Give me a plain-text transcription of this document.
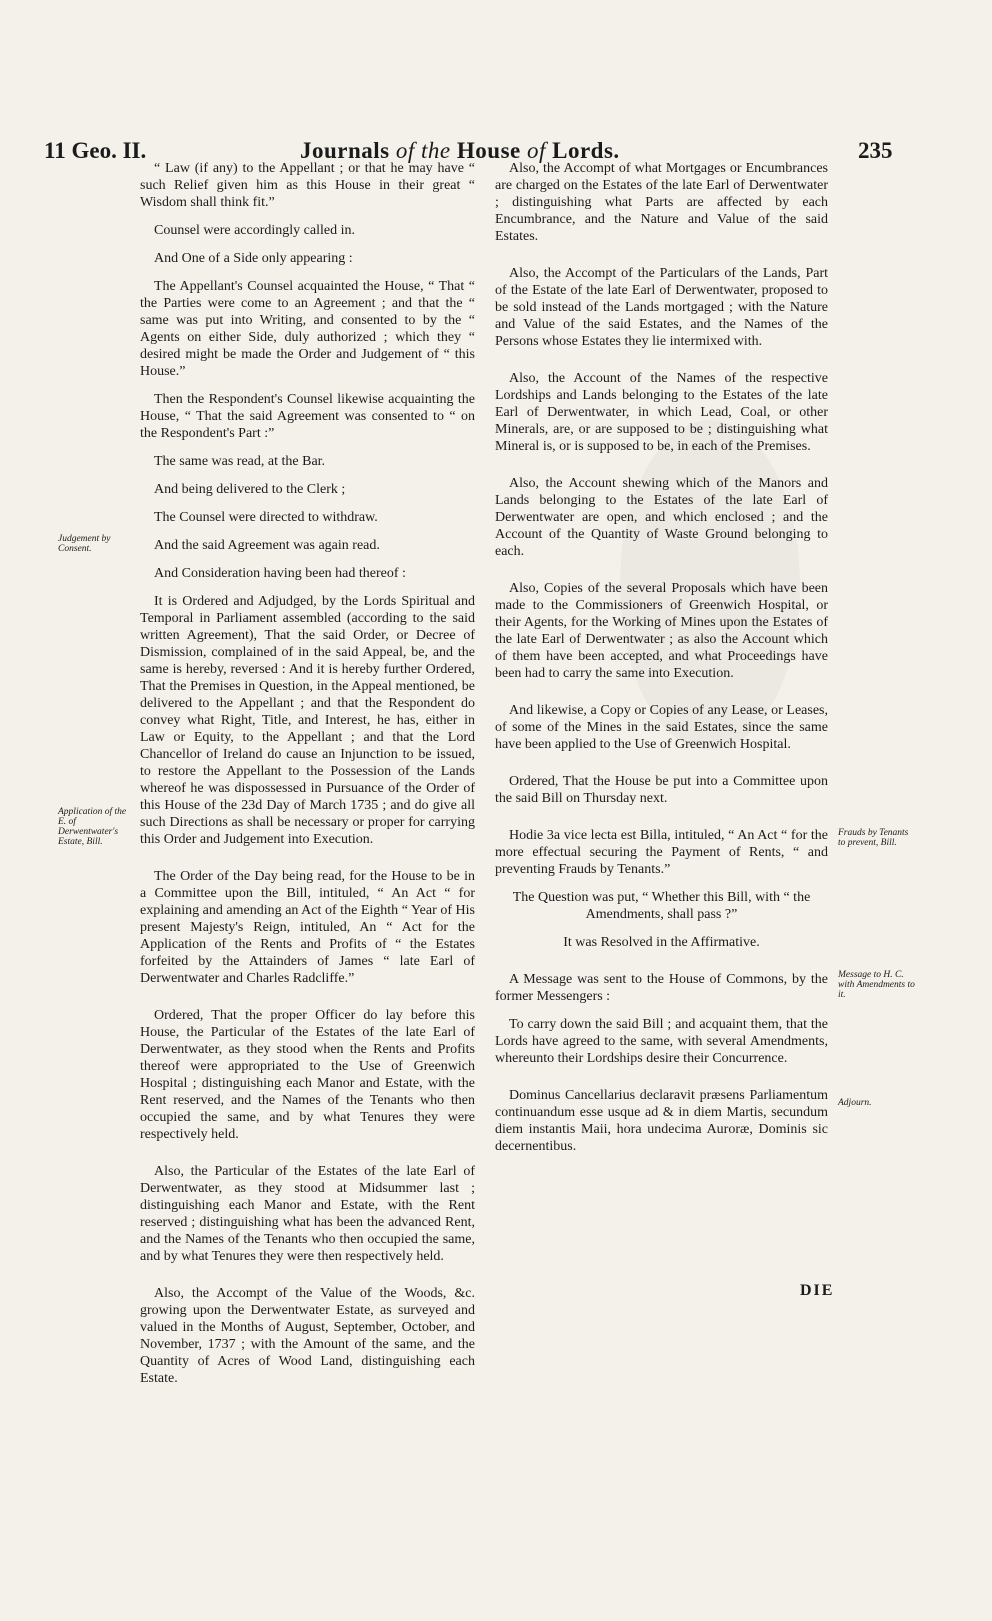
11 Geo. II.	Journals of the House of Lords.	235

“ Law (if any) to the Appellant ; or that he may have “ such Relief given him as this House in their great “ Wisdom shall think fit.”

Counsel were accordingly called in.

And One of a Side only appearing :

The Appellant's Counsel acquainted the House, “ That “ the Parties were come to an Agreement ; and that the “ same was put into Writing, and consented to by the “ Agents on either Side, duly authorized ; which they “ desired might be made the Order and Judgement of “ this House.”

Then the Respondent's Counsel likewise acquainting the House, “ That the said Agreement was consented to “ on the Respondent's Part :”

The same was read, at the Bar.

And being delivered to the Clerk ;

The Counsel were directed to withdraw.

And the said Agreement was again read.

And Consideration having been had thereof :

It is Ordered and Adjudged, by the Lords Spiritual and Temporal in Parliament assembled (according to the said written Agreement), That the said Order, or Decree of Dismission, complained of in the said Appeal, be, and the same is hereby, reversed : And it is hereby further Ordered, That the Premises in Question, in the Appeal mentioned, be delivered to the Appellant ; and that the Respondent do convey what Right, Title, and Interest, he has, either in Law or Equity, to the Appellant ; and that the Lord Chancellor of Ireland do cause an Injunction to be issued, to restore the Appellant to the Possession of the Lands whereof he was dispossessed in Pursuance of the Order of this House of the 23d Day of March 1735 ; and do give all such Directions as shall be necessary or proper for carrying this Order and Judgement into Execution.

The Order of the Day being read, for the House to be in a Committee upon the Bill, intituled, “ An Act “ for explaining and amending an Act of the Eighth “ Year of His present Majesty's Reign, intituled, An “ Act for the Application of the Rents and Profits of “ the Estates forfeited by the Attainders of James “ late Earl of Derwentwater and Charles Radcliffe.”

Ordered, That the proper Officer do lay before this House, the Particular of the Estates of the late Earl of Derwentwater, as they stood when the Rents and Profits thereof were appropriated to the Use of Greenwich Hospital ; distinguishing each Manor and Estate, with the Rent reserved, and the Names of the Tenants who then occupied the same, and by what Tenures they were respectively held.

Also, the Particular of the Estates of the late Earl of Derwentwater, as they stood at Midsummer last ; distinguishing each Manor and Estate, with the Rent reserved ; distinguishing what has been the advanced Rent, and the Names of the Tenants who then occupied the same, and by what Tenures they were then respectively held.

Also, the Accompt of the Value of the Woods, &c. growing upon the Derwentwater Estate, as surveyed and valued in the Months of August, September, October, and November, 1737 ; with the Amount of the same, and the Quantity of Acres of Wood Land, distinguishing each Estate.

Also, the Accompt of what Mortgages or Encumbrances are charged on the Estates of the late Earl of Derwentwater ; distinguishing what Parts are affected by each Encumbrance, and the Nature and Value of the said Estates.

Also, the Accompt of the Particulars of the Lands, Part of the Estate of the late Earl of Derwentwater, proposed to be sold instead of the Lands mortgaged ; with the Nature and Value of the said Estates, and the Names of the Persons whose Estates they lie intermixed with.

Also, the Account of the Names of the respective Lordships and Lands belonging to the Estates of the late Earl of Derwentwater, in which Lead, Coal, or other Minerals, are, or are supposed to be ; distinguishing what Mineral is, or is supposed to be, in each of the Premises.

Also, the Account shewing which of the Manors and Lands belonging to the Estates of the late Earl of Derwentwater are open, and which enclosed ; and the Account of the Quantity of Waste Ground belonging to each.

Also, Copies of the several Proposals which have been made to the Commissioners of Greenwich Hospital, or their Agents, for the Working of Mines upon the Estates of the late Earl of Derwentwater ; as also the Account which of them have been accepted, and what Proceedings have been had to carry the same into Execution.

And likewise, a Copy or Copies of any Lease, or Leases, of some of the Mines in the said Estates, since the same have been applied to the Use of Greenwich Hospital.

Ordered, That the House be put into a Committee upon the said Bill on Thursday next.

Hodie 3a vice lecta est Billa, intituled, “ An Act “ for the more effectual securing the Payment of Rents, “ and preventing Frauds by Tenants.”

The Question was put, “ Whether this Bill, with “ the Amendments, shall pass ?”

It was Resolved in the Affirmative.

A Message was sent to the House of Commons, by the former Messengers :

To carry down the said Bill ; and acquaint them, that the Lords have agreed to the same, with several Amendments, whereunto their Lordships desire their Concurrence.

Dominus Cancellarius declaravit præsens Parliamentum continuandum esse usque ad & in diem Martis, secundum diem instantis Maii, hora undecima Auroræ, Dominis sic decernentibus.

Judgement by Consent.
Application of the E. of Derwentwater's Estate, Bill.
Frauds by Tenants to prevent, Bill.
Message to H. C. with Amendments to it.
Adjourn.
DIE
